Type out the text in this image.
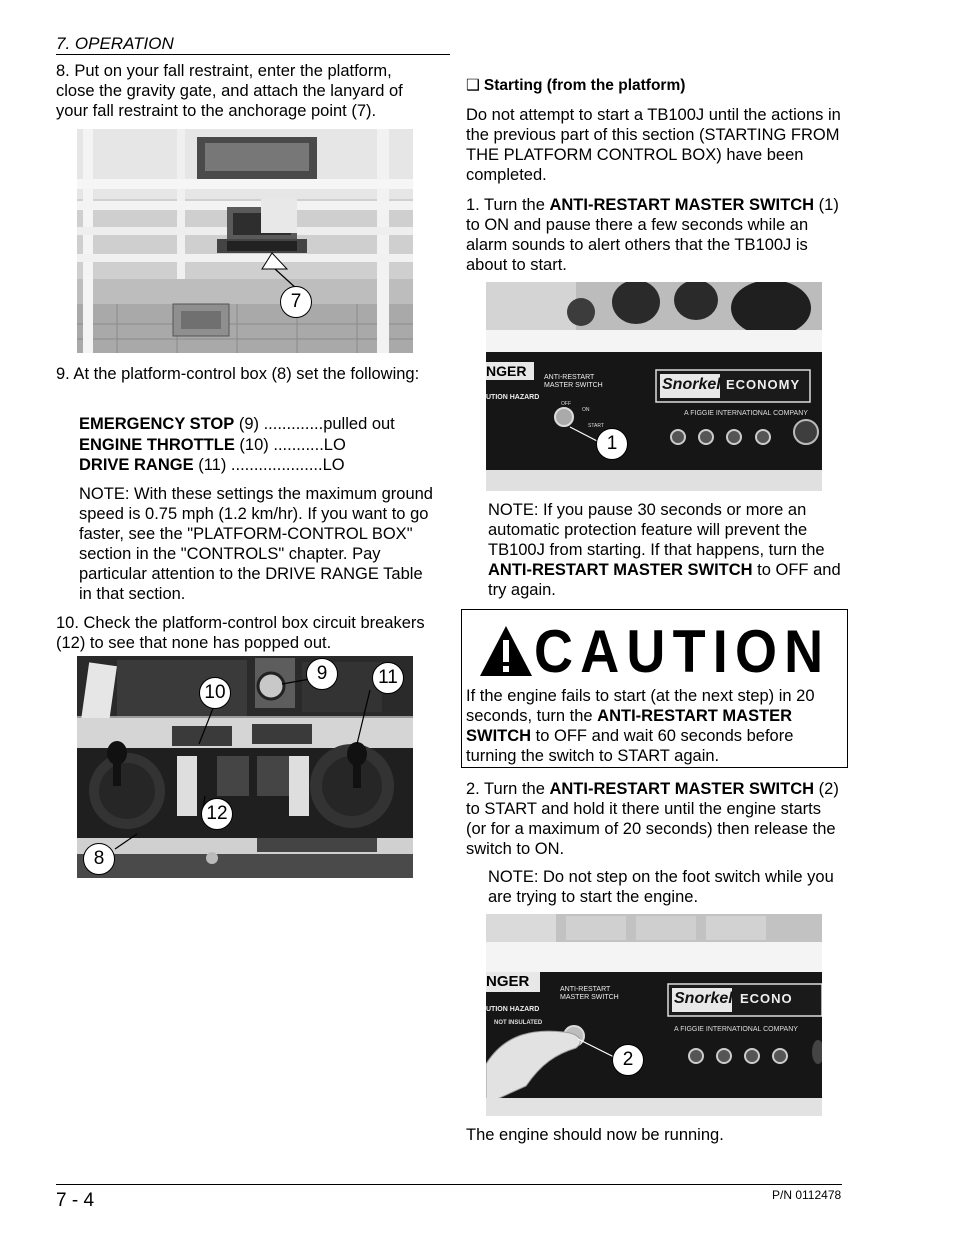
7. OPERATION

8. Put on your fall restraint, enter the platform, close the gravity gate, and attach the lanyard of your fall restraint to the anchorage point (7).

7

9. At the platform-control box (8) set the following:

EMERGENCY STOP (9) .............pulled out
ENGINE THROTTLE (10) ...........LO
DRIVE RANGE (11) ....................LO

NOTE: With these settings the maximum ground speed is 0.75 mph (1.2 km/hr). If you want to go faster, see the "PLATFORM-CONTROL BOX" section in the "CONTROLS" chapter. Pay particular attention to the DRIVE RANGE Table in that section.

10. Check the platform-control box circuit breakers (12) to see that none has popped out.

9
10
11
12
8
❑ Starting (from the platform)

Do not attempt to start a TB100J until the actions in the previous part of this section (STARTING FROM THE PLATFORM CONTROL BOX) have been completed.

1. Turn the ANTI-RESTART MASTER SWITCH (1) to ON and pause there a few seconds while an alarm sounds to alert others that the TB100J is about to start.

NGER	ANTI-RESTART
MASTER SWITCH
OFF
ON
START
UTION HAZARD
Snorkel ECONOMY
A FIGGIE INTERNATIONAL COMPANY
1

NOTE: If you pause 30 seconds or more an automatic protection feature will prevent the TB100J from starting. If that happens, turn the ANTI-RESTART MASTER SWITCH to OFF and try again.

CAUTION

If the engine fails to start (at the next step) in 20 seconds, turn the ANTI-RESTART MASTER SWITCH to OFF and wait 60 seconds before turning the switch to START again.

2. Turn the ANTI-RESTART MASTER SWITCH (2) to START and hold it there until the engine starts (or for a maximum of 20 seconds) then release the switch to ON.

NOTE: Do not step on the foot switch while you are trying to start the engine.

NGER	ANTI-RESTART
MASTER SWITCH
UTION HAZARD
NOT INSULATED
Snorkel ECONO
A FIGGIE INTERNATIONAL COMPANY
2

The engine should now be running.

7 - 4	P/N 0112478
